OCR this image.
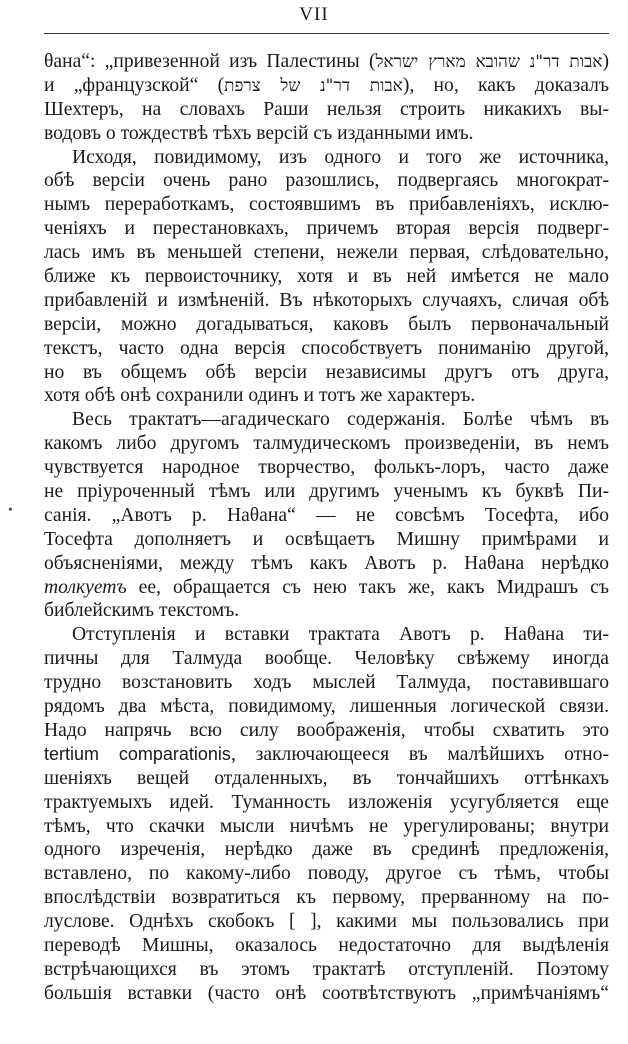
VII
•
θана“: „привезенной изъ Палестины (אבות דר"נ שהובא מארץ ישראל)
и „французской“ (אבות דר"נ של צרפת), но, какъ доказалъ
Шехтеръ, на словахъ Раши нельзя строить никакихъ вы-
водовъ о тождествѣ тѣхъ версій съ изданными имъ.
Исходя, повидимому, изъ одного и того же источника,
обѣ версіи очень рано разошлись, подвергаясь многократ-
нымъ переработкамъ, состоявшимъ въ прибавленіяхъ, исклю-
ченіяхъ и перестановкахъ, причемъ вторая версія подверг-
лась имъ въ меньшей степени, нежели первая, слѣдовательно,
ближе къ первоисточнику, хотя и въ ней имѣется не мало
прибавленій и измѣненій. Въ нѣкоторыхъ случаяхъ, сличая обѣ
версіи, можно догадываться, каковъ былъ первоначальный
текстъ, часто одна версія способствуетъ пониманію другой,
но въ общемъ обѣ версіи независимы другъ отъ друга,
хотя обѣ онѣ сохранили одинъ и тотъ же характеръ.
Весь трактатъ—агадическаго содержанія. Болѣе чѣмъ въ
какомъ либо другомъ талмудическомъ произведеніи, въ немъ
чувствуется народное творчество, фолькъ-лоръ, часто даже
не пріуроченный тѣмъ или другимъ ученымъ къ буквѣ Пи-
санія. „Авотъ р. Наθана“ — не совсѣмъ Тосефта, ибо
Тосефта дополняетъ и освѣщаетъ Мишну примѣрами и
объясненіями, между тѣмъ какъ Авотъ р. Наθана нерѣдко
толкуетъ ее, обращается съ нею такъ же, какъ Мидрашъ съ
библейскимъ текстомъ.
Отступленія и вставки трактата Авотъ р. Наθана ти-
пичны для Талмуда вообще. Человѣку свѣжему иногда
трудно возстановить ходъ мыслей Талмуда, поставившаго
рядомъ два мѣста, повидимому, лишенныя логической связи.
Надо напрячь всю силу воображенія, чтобы схватить это
tertium comparationis, заключающееся въ малѣйшихъ отно-
шеніяхъ вещей отдаленныхъ, въ тончайшихъ оттѣнкахъ
трактуемыхъ идей. Туманность изложенія усугубляется еще
тѣмъ, что скачки мысли ничѣмъ не урегулированы; внутри
одного изреченія, нерѣдко даже въ срединѣ предложенія,
вставлено, по какому-либо поводу, другое съ тѣмъ, чтобы
впослѣдствіи возвратиться къ первому, прерванному на по-
луслове. Однѣхъ скобокъ [ ], какими мы пользовались при
переводѣ Мишны, оказалось недостаточно для выдѣленія
встрѣчающихся въ этомъ трактатѣ отступленій. Поэтому
большія вставки (часто онѣ соотвѣтствуютъ „примѣчаніямъ“
